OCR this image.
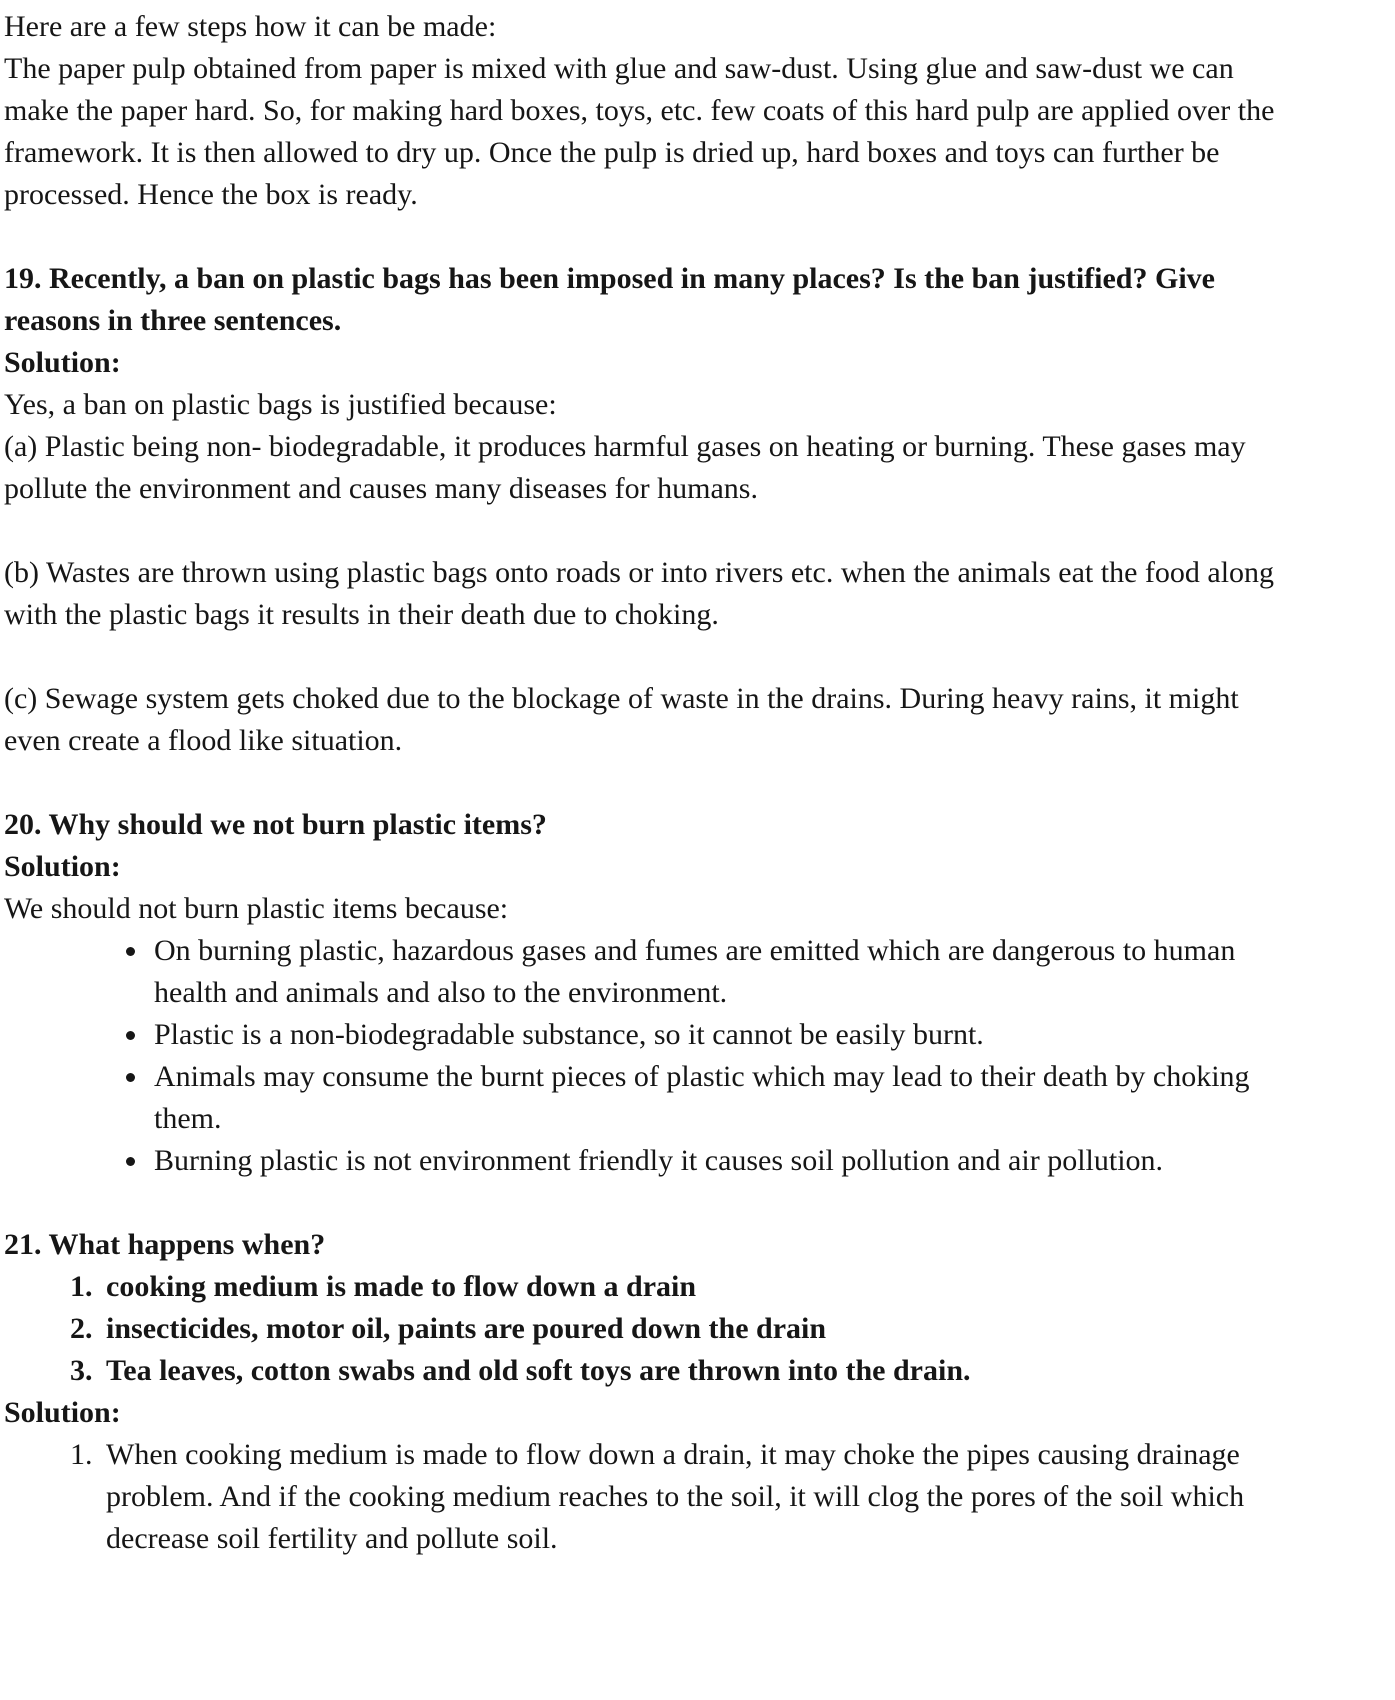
Here are a few steps how it can be made:

The paper pulp obtained from paper is mixed with glue and saw-dust. Using glue and saw-dust we can make the paper hard. So, for making hard boxes, toys, etc. few coats of this hard pulp are applied over the framework. It is then allowed to dry up. Once the pulp is dried up, hard boxes and toys can further be processed. Hence the box is ready.

19. Recently, a ban on plastic bags has been imposed in many places? Is the ban justified? Give reasons in three sentences.

Solution:

Yes, a ban on plastic bags is justified because:

(a) Plastic being non- biodegradable, it produces harmful gases on heating or burning. These gases may pollute the environment and causes many diseases for humans.

(b) Wastes are thrown using plastic bags onto roads or into rivers etc. when the animals eat the food along with the plastic bags it results in their death due to choking.

(c) Sewage system gets choked due to the blockage of waste in the drains. During heavy rains, it might even create a flood like situation.

20. Why should we not burn plastic items?

Solution:

We should not burn plastic items because:

• On burning plastic, hazardous gases and fumes are emitted which are dangerous to human health and animals and also to the environment.
• Plastic is a non-biodegradable substance, so it cannot be easily burnt.
• Animals may consume the burnt pieces of plastic which may lead to their death by choking them.
• Burning plastic is not environment friendly it causes soil pollution and air pollution.

21. What happens when?

1. cooking medium is made to flow down a drain
2. insecticides, motor oil, paints are poured down the drain
3. Tea leaves, cotton swabs and old soft toys are thrown into the drain.

Solution:

1. When cooking medium is made to flow down a drain, it may choke the pipes causing drainage problem. And if the cooking medium reaches to the soil, it will clog the pores of the soil which decrease soil fertility and pollute soil.
